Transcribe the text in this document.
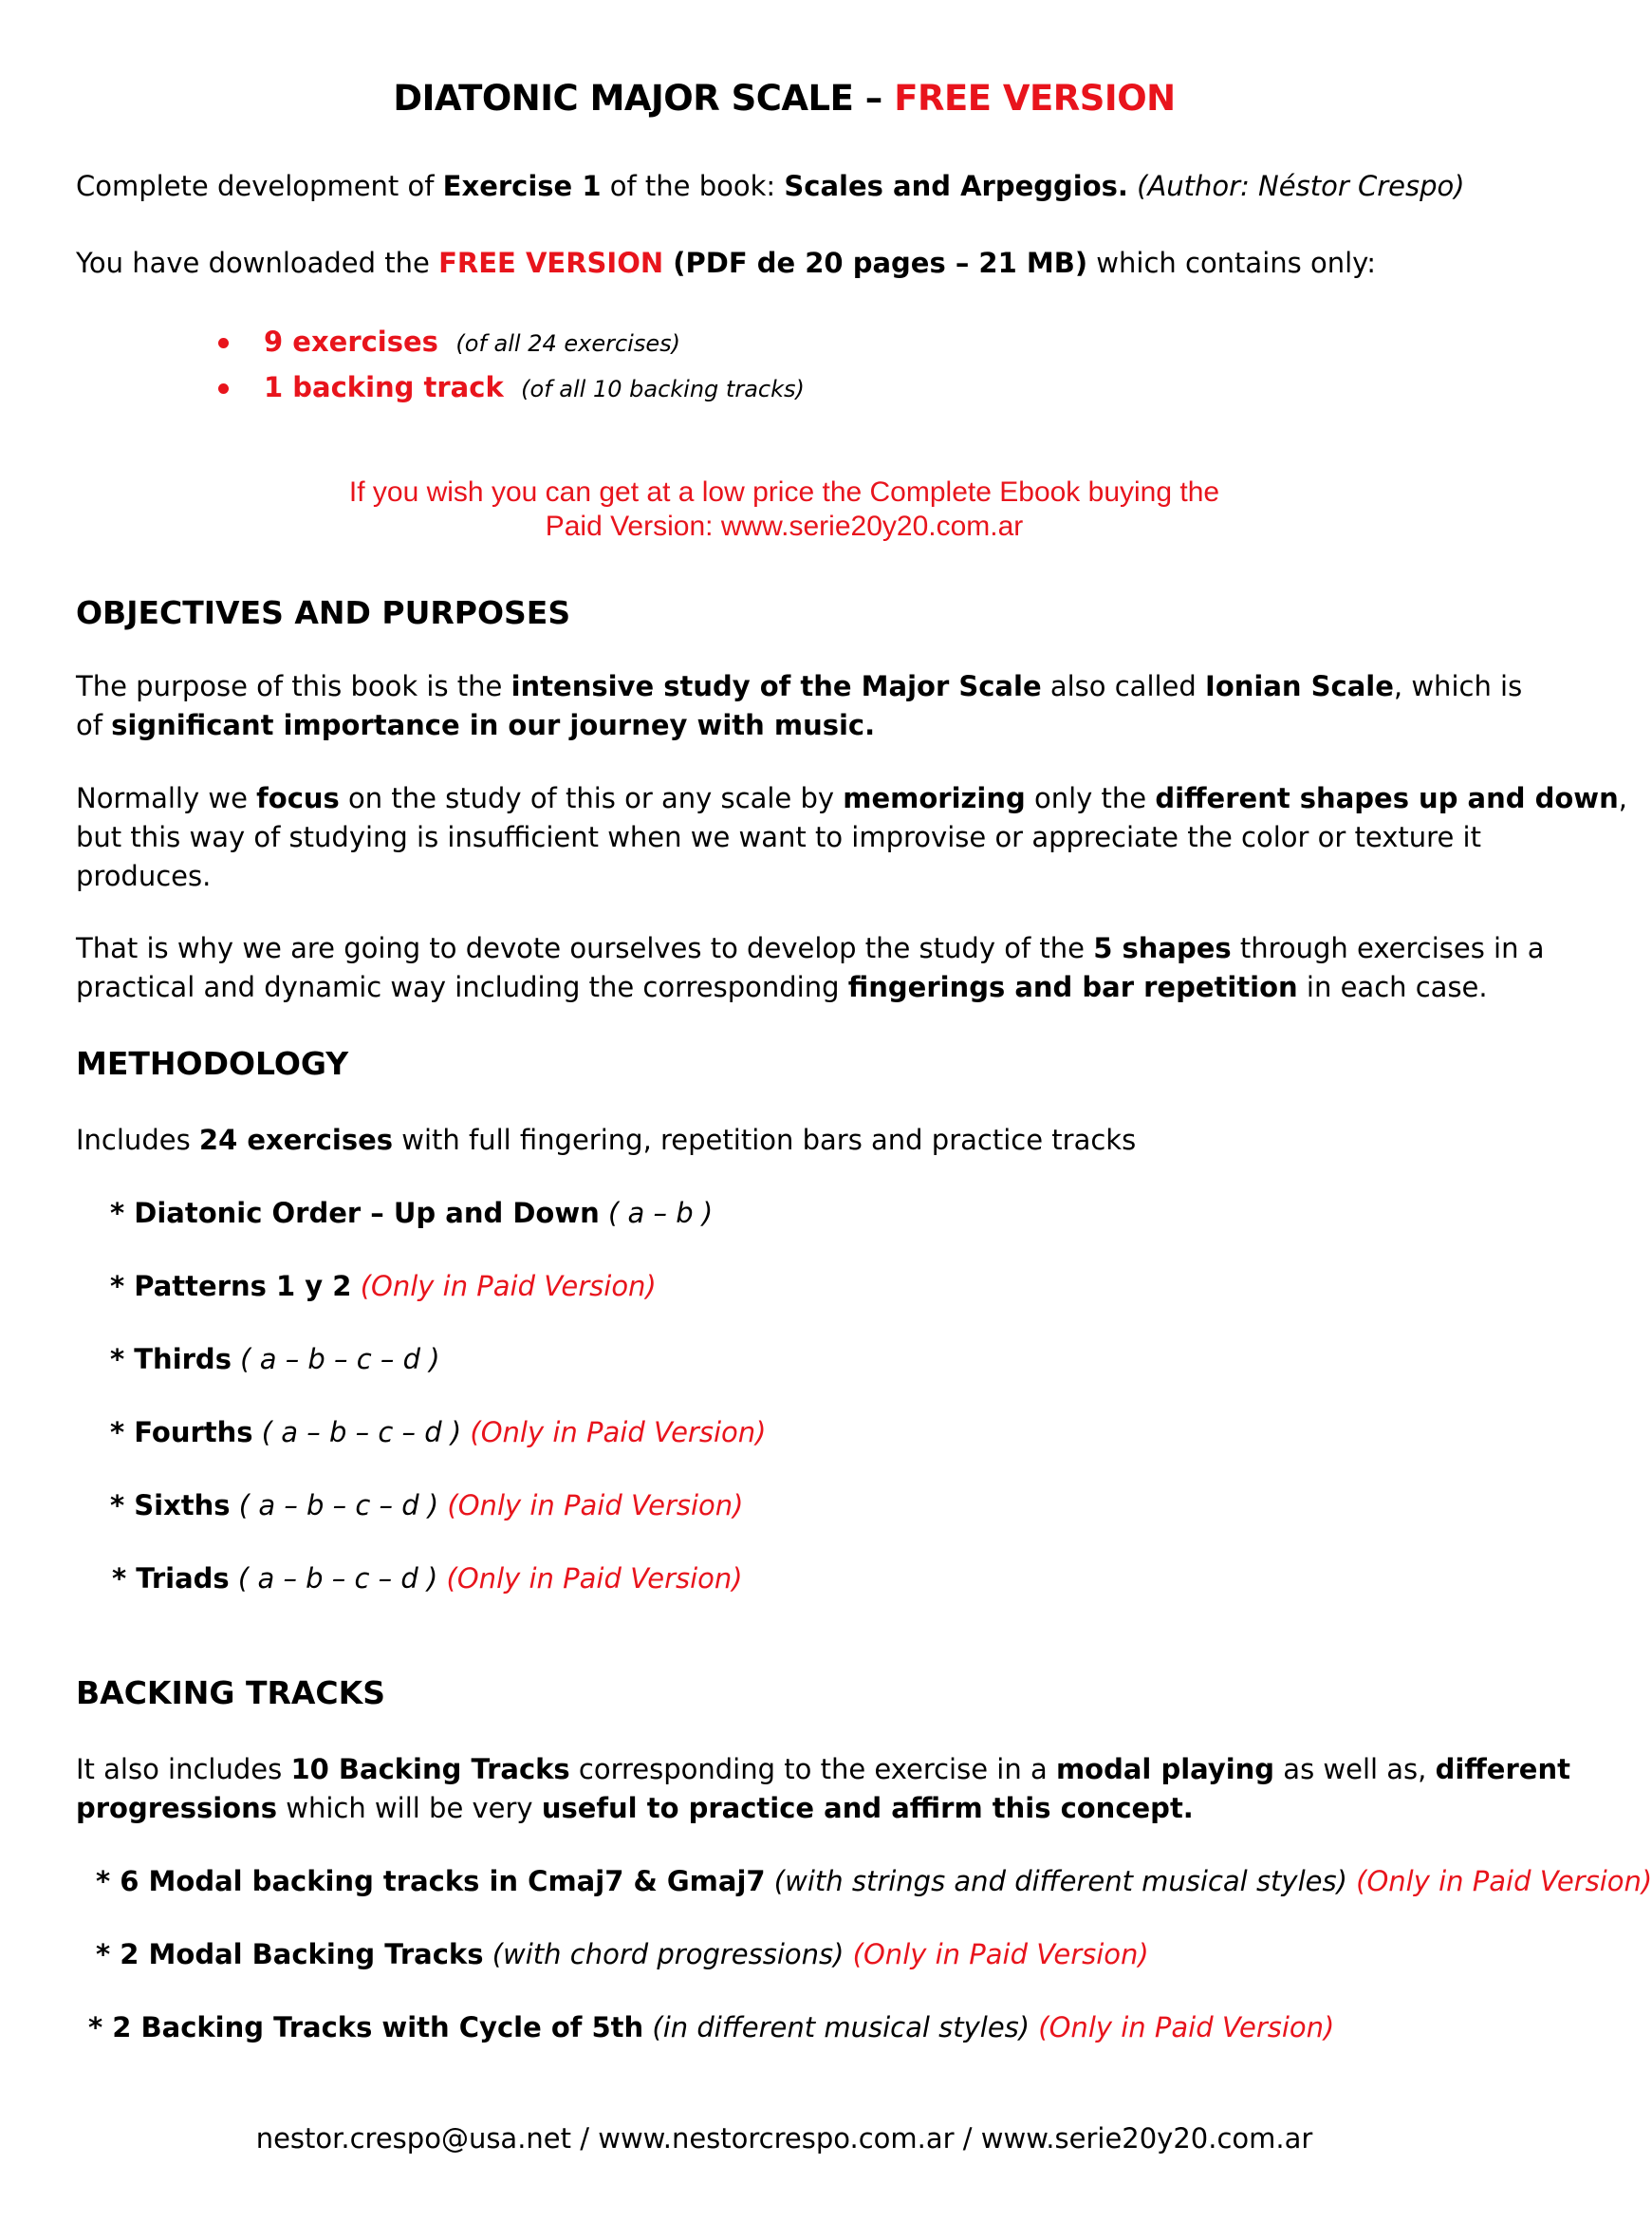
DIATONIC MAJOR SCALE – FREE VERSION
Complete development of Exercise 1 of the book: Scales and Arpeggios. (Author: Néstor Crespo)
You have downloaded the FREE VERSION (PDF de 20 pages – 21 MB) which contains only:
9 exercises (of all 24 exercises)
1 backing track (of all 10 backing tracks)
If you wish you can get at a low price the Complete Ebook buying the
Paid Version: www.serie20y20.com.ar
OBJECTIVES AND PURPOSES
The purpose of this book is the intensive study of the Major Scale also called Ionian Scale, which is
of significant importance in our journey with music.
Normally we focus on the study of this or any scale by memorizing only the different shapes up and down,
but this way of studying is insufficient when we want to improvise or appreciate the color or texture it
produces.
That is why we are going to devote ourselves to develop the study of the 5 shapes through exercises in a
practical and dynamic way including the corresponding fingerings and bar repetition in each case.
METHODOLOGY
Includes 24 exercises with full fingering, repetition bars and practice tracks
* Diatonic Order – Up and Down ( a – b )
* Patterns 1 y 2 (Only in Paid Version)
* Thirds ( a – b – c – d )
* Fourths ( a – b – c – d ) (Only in Paid Version)
* Sixths ( a – b – c – d ) (Only in Paid Version)
* Triads ( a – b – c – d ) (Only in Paid Version)
BACKING TRACKS
It also includes 10 Backing Tracks corresponding to the exercise in a modal playing as well as, different
progressions which will be very useful to practice and affirm this concept.
* 6 Modal backing tracks in Cmaj7 & Gmaj7 (with strings and different musical styles) (Only in Paid Version)
* 2 Modal Backing Tracks (with chord progressions) (Only in Paid Version)
* 2 Backing Tracks with Cycle of 5th (in different musical styles) (Only in Paid Version)
nestor.crespo@usa.net / www.nestorcrespo.com.ar / www.serie20y20.com.ar
